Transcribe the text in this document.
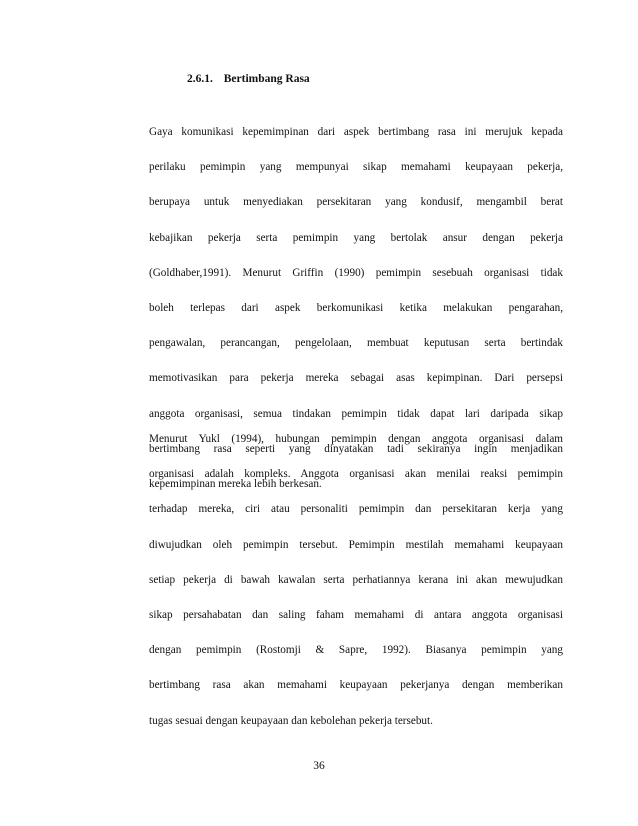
2.6.1. Bertimbang Rasa
Gaya komunikasi kepemimpinan dari aspek bertimbang rasa ini merujuk kepada
perilaku pemimpin yang mempunyai sikap memahami keupayaan pekerja,
berupaya untuk menyediakan persekitaran yang kondusif, mengambil berat
kebajikan pekerja serta pemimpin yang bertolak ansur dengan pekerja
(Goldhaber,1991). Menurut Griffin (1990) pemimpin sesebuah organisasi tidak
boleh terlepas dari aspek berkomunikasi ketika melakukan pengarahan,
pengawalan, perancangan, pengelolaan, membuat keputusan serta bertindak
memotivasikan para pekerja mereka sebagai asas kepimpinan. Dari persepsi
anggota organisasi, semua tindakan pemimpin tidak dapat lari daripada sikap
bertimbang rasa seperti yang dinyatakan tadi sekiranya ingin menjadikan
kepemimpinan mereka lebih berkesan.
Menurut Yukl (1994), hubungan pemimpin dengan anggota organisasi dalam
organisasi adalah kompleks. Anggota organisasi akan menilai reaksi pemimpin
terhadap mereka, ciri atau personaliti pemimpin dan persekitaran kerja yang
diwujudkan oleh pemimpin tersebut. Pemimpin mestilah memahami keupayaan
setiap pekerja di bawah kawalan serta perhatiannya kerana ini akan mewujudkan
sikap persahabatan dan saling faham memahami di antara anggota organisasi
dengan pemimpin (Rostomji & Sapre, 1992). Biasanya pemimpin yang
bertimbang rasa akan memahami keupayaan pekerjanya dengan memberikan
tugas sesuai dengan keupayaan dan kebolehan pekerja tersebut.
36
